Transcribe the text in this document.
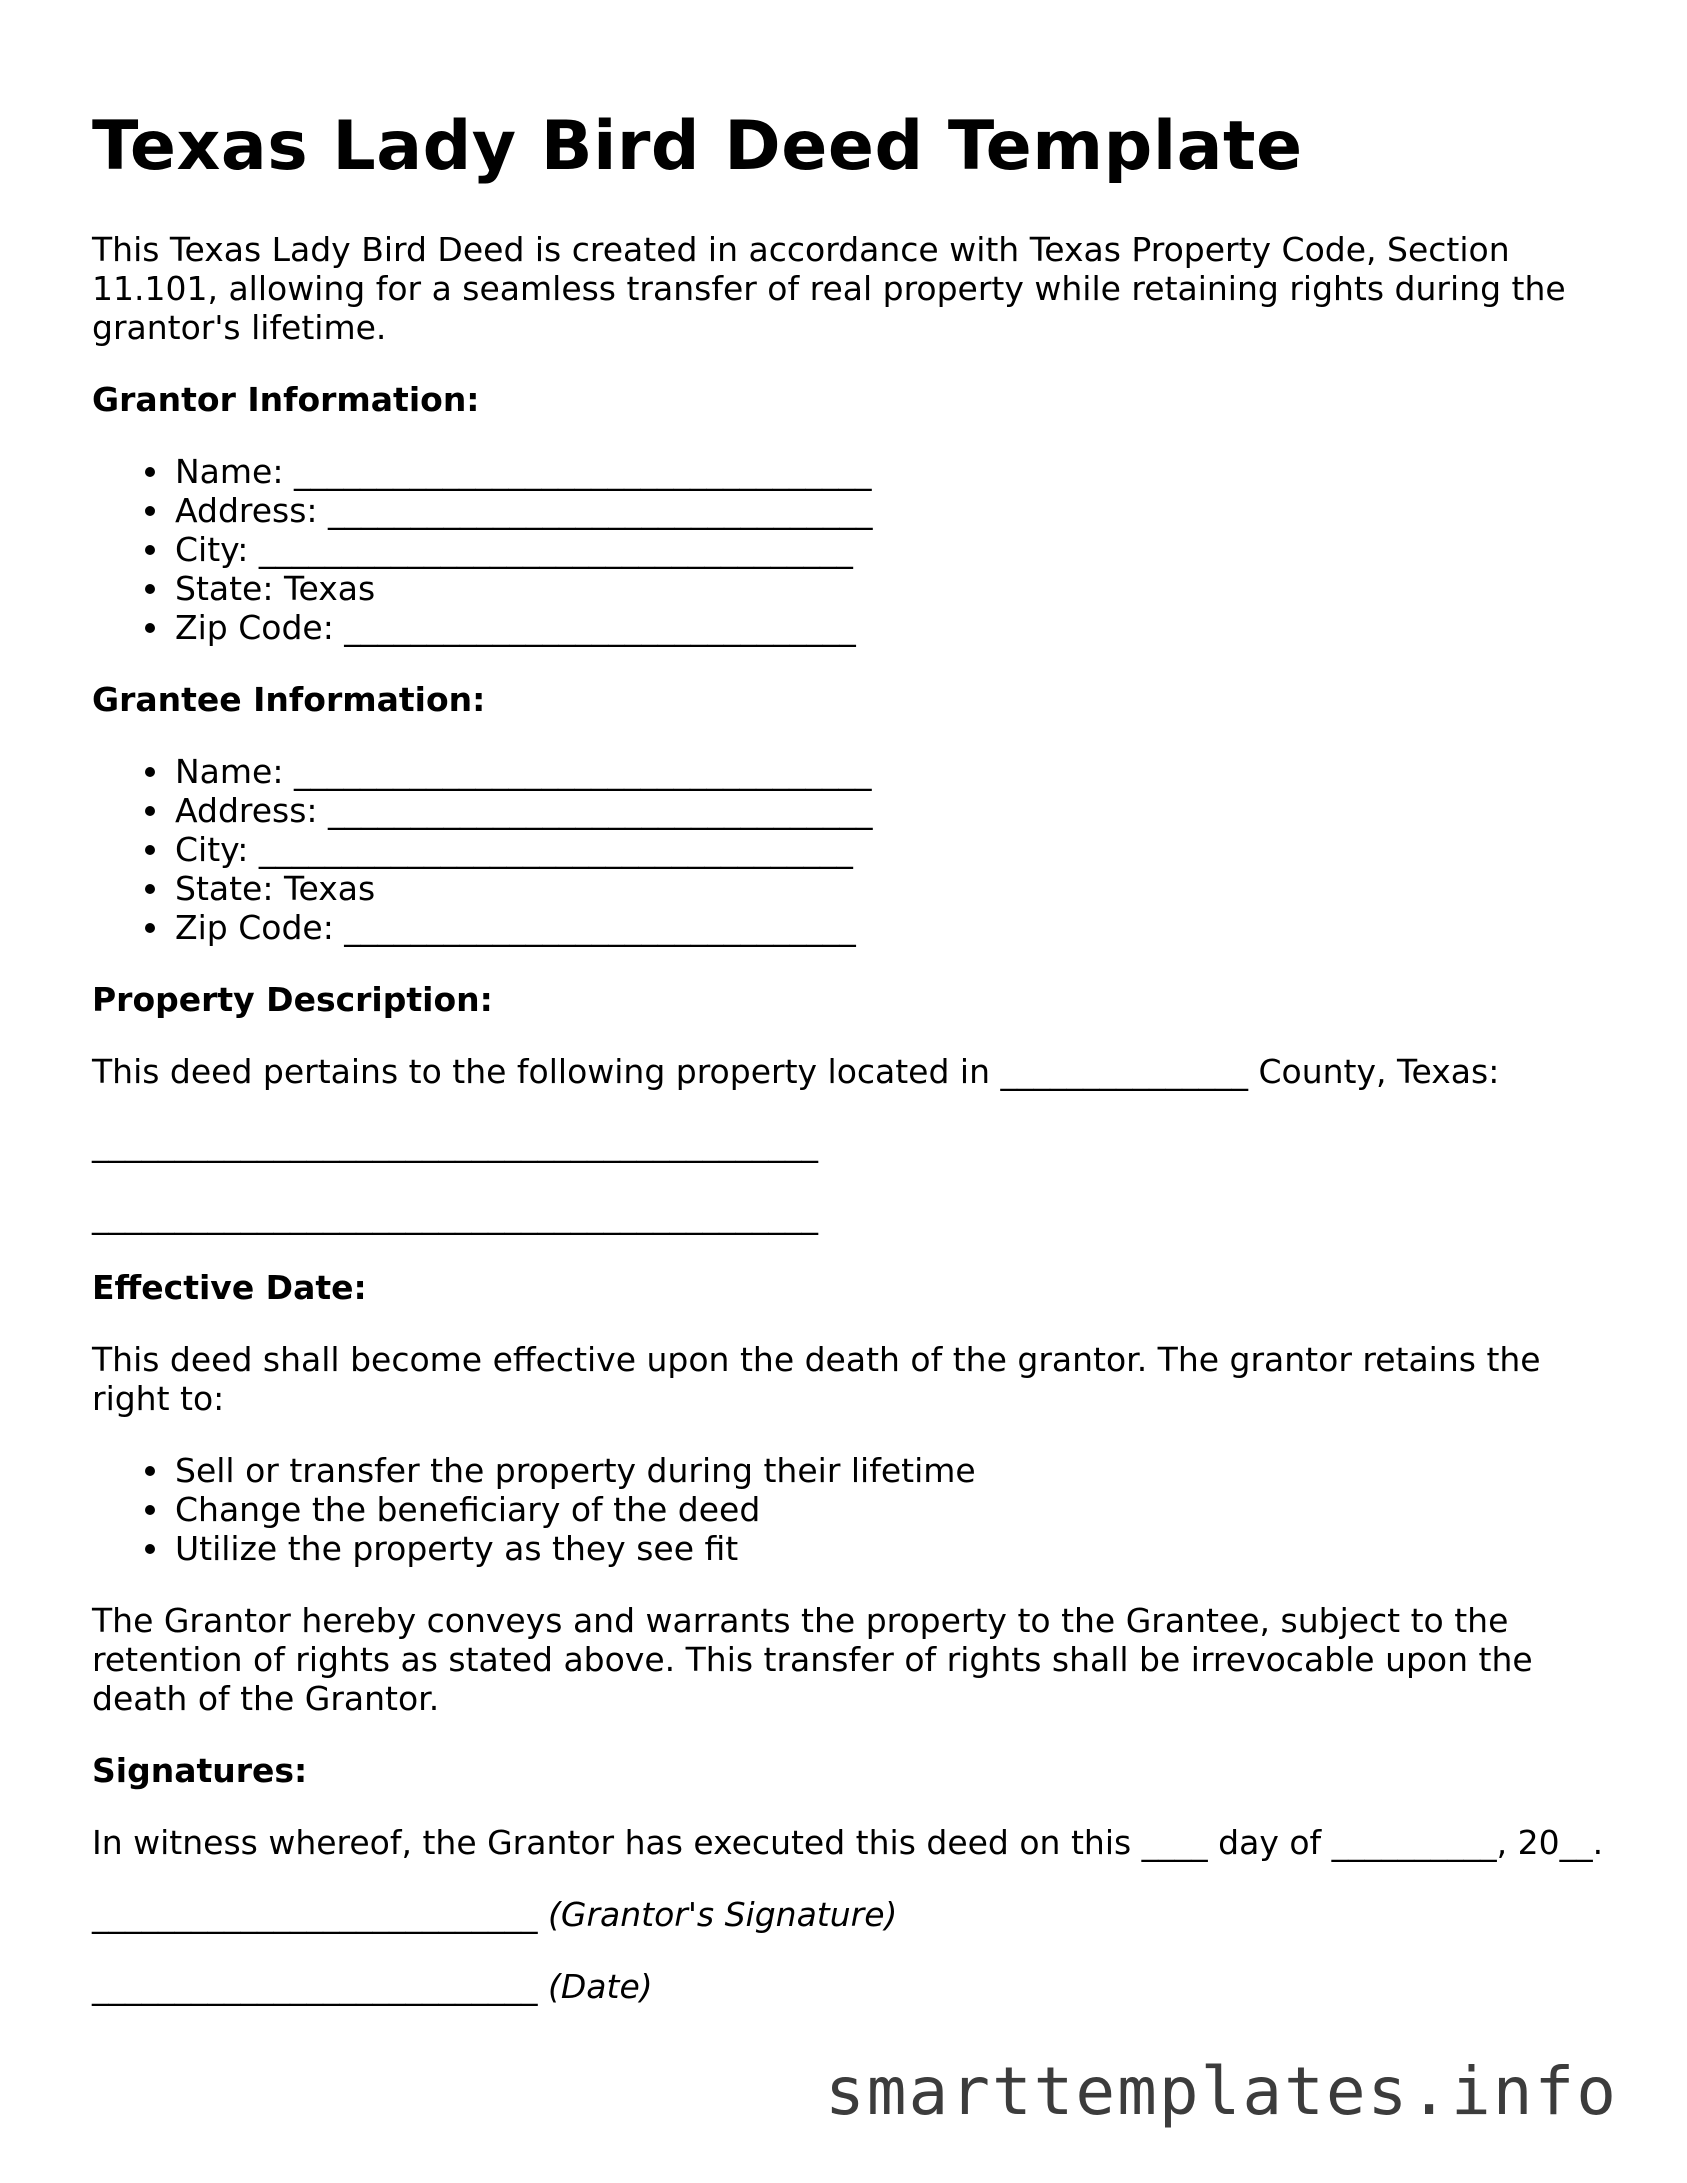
Texas Lady Bird Deed Template

This Texas Lady Bird Deed is created in accordance with Texas Property Code, Section 11.101, allowing for a seamless transfer of real property while retaining rights during the grantor's lifetime.

Grantor Information:
Name: ___________________________________
Address: _________________________________
City: ____________________________________
State: Texas
Zip Code: _______________________________
Grantee Information:
Name: ___________________________________
Address: _________________________________
City: ____________________________________
State: Texas
Zip Code: _______________________________
Property Description:

This deed pertains to the following property located in _______________ County, Texas:

____________________________________________
____________________________________________
Effective Date:

This deed shall become effective upon the death of the grantor. The grantor retains the right to:

Sell or transfer the property during their lifetime
Change the beneficiary of the deed
Utilize the property as they see fit

The Grantor hereby conveys and warrants the property to the Grantee, subject to the retention of rights as stated above. This transfer of rights shall be irrevocable upon the death of the Grantor.

Signatures:

In witness whereof, the Grantor has executed this deed on this ____ day of __________, 20__.

___________________________ (Grantor's Signature)
___________________________ (Date)
smarttemplates.info
